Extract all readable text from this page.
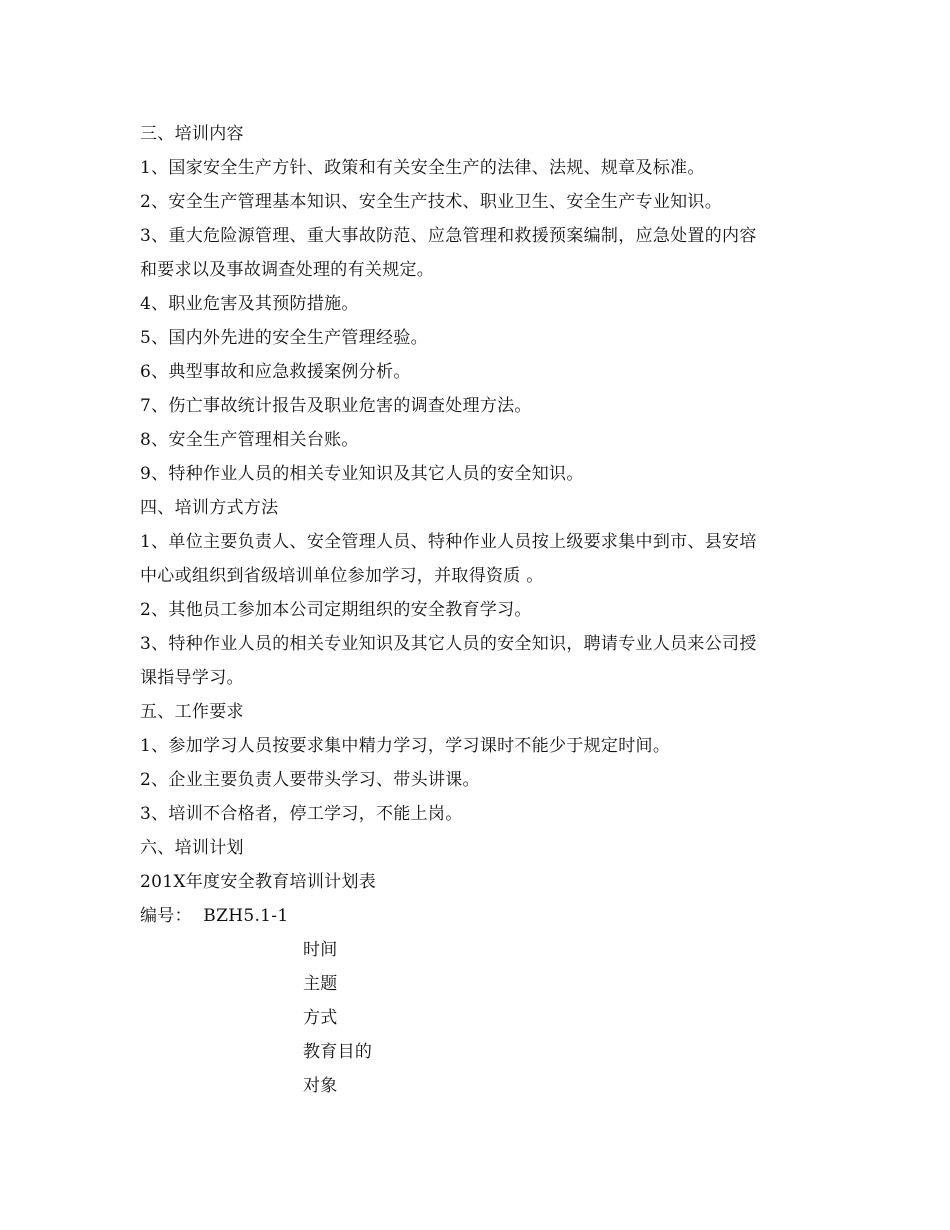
三、培训内容
1、国家安全生产方针、政策和有关安全生产的法律、法规、规章及标准。
2、安全生产管理基本知识、安全生产技术、职业卫生、安全生产专业知识。
3、重大危险源管理、重大事故防范、应急管理和救援预案编制，应急处置的内容
和要求以及事故调查处理的有关规定。
4、职业危害及其预防措施。
5、国内外先进的安全生产管理经验。
6、典型事故和应急救援案例分析。
7、伤亡事故统计报告及职业危害的调查处理方法。
8、安全生产管理相关台账。
9、特种作业人员的相关专业知识及其它人员的安全知识。
四、培训方式方法
1、单位主要负责人、安全管理人员、特种作业人员按上级要求集中到市、县安培
中心或组织到省级培训单位参加学习，并取得资质 。
2、其他员工参加本公司定期组织的安全教育学习。
3、特种作业人员的相关专业知识及其它人员的安全知识，聘请专业人员来公司授
课指导学习。
五、工作要求
1、参加学习人员按要求集中精力学习，学习课时不能少于规定时间。
2、企业主要负责人要带头学习、带头讲课。
3、培训不合格者，停工学习，不能上岗。
六、培训计划
201X年度安全教育培训计划表
编号：  BZH5.1-1
时间
主题
方式
教育目的
对象
